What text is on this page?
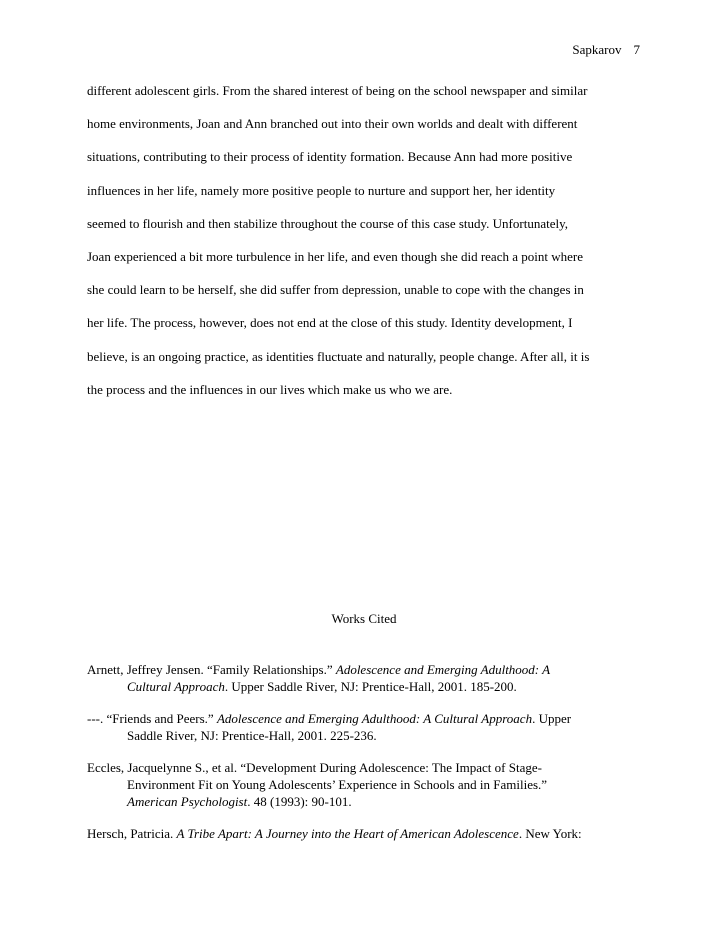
Sapkarov 7
different adolescent girls. From the shared interest of being on the school newspaper and similar
home environments, Joan and Ann branched out into their own worlds and dealt with different
situations, contributing to their process of identity formation. Because Ann had more positive
influences in her life, namely more positive people to nurture and support her, her identity
seemed to flourish and then stabilize throughout the course of this case study. Unfortunately,
Joan experienced a bit more turbulence in her life, and even though she did reach a point where
she could learn to be herself, she did suffer from depression, unable to cope with the changes in
her life. The process, however, does not end at the close of this study. Identity development, I
believe, is an ongoing practice, as identities fluctuate and naturally, people change. After all, it is
the process and the influences in our lives which make us who we are.
Works Cited
Arnett, Jeffrey Jensen. “Family Relationships.” Adolescence and Emerging Adulthood: A
Cultural Approach. Upper Saddle River, NJ: Prentice-Hall, 2001. 185-200.
---. “Friends and Peers.” Adolescence and Emerging Adulthood: A Cultural Approach. Upper
Saddle River, NJ: Prentice-Hall, 2001. 225-236.
Eccles, Jacquelynne S., et al. “Development During Adolescence: The Impact of Stage-
Environment Fit on Young Adolescents’ Experience in Schools and in Families.”
American Psychologist. 48 (1993): 90-101.
Hersch, Patricia. A Tribe Apart: A Journey into the Heart of American Adolescence. New York:
